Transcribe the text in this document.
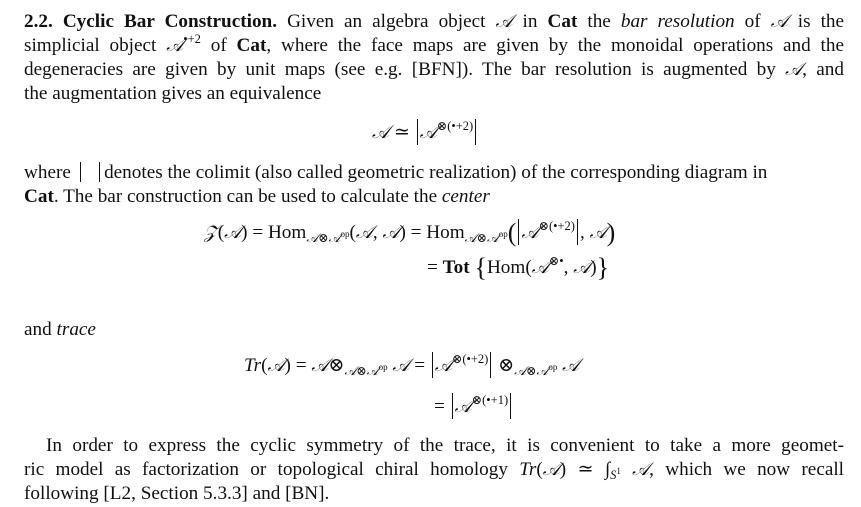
2.2. Cyclic Bar Construction. Given an algebra object 𝒜 in Cat the bar resolution of 𝒜 is the
simplicial object 𝒜$^{•+2}$ of Cat, where the face maps are given by the monoidal operations and the
degeneracies are given by unit maps (see e.g. [BFN]). The bar resolution is augmented by 𝒜, and
the augmentation gives an equivalence
𝒜 ≃ 𝒜$^{\otimes(•+2)}$
where denotes the colimit (also called geometric realization) of the corresponding diagram in
Cat. The bar construction can be used to calculate the center
𝒵(𝒜) = Hom$_{𝒜\otimes 𝒜^{op}}$(𝒜, 𝒜) = Hom$_{𝒜\otimes 𝒜^{op}}$( 𝒜$^{\otimes(•+2)}$ , 𝒜)
= Tot {Hom(𝒜⊗•, 𝒜)}
and trace
Tr(𝒜) = $𝒜\otimes_{𝒜\otimes 𝒜^{op}}$ 𝒜 = 𝒜$^{\otimes(•+2)}$ $\otimes_{𝒜\otimes 𝒜^{op}}$ 𝒜
= 𝒜$^{\otimes(•+1)}$
In order to express the cyclic symmetry of the trace, it is convenient to take a more geomet-
ric model as factorization or topological chiral homology Tr(𝒜) ≃ $\int_{S^1}$ 𝒜, which we now recall
following [L2, Section 5.3.3] and [BN].
